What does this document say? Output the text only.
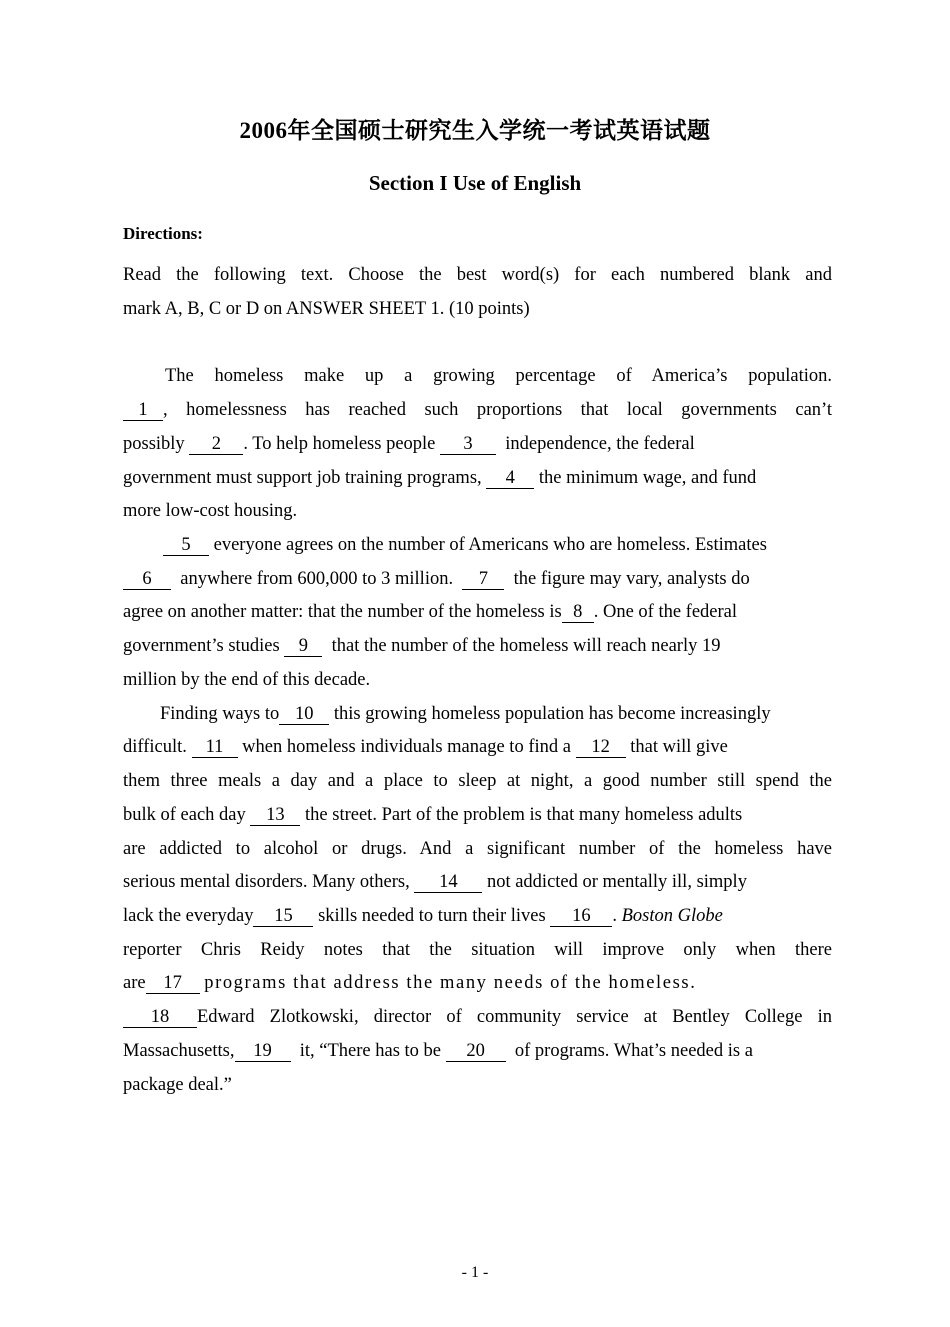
2006年全国硕士研究生入学统一考试英语试题
Section I Use of English
Directions:
Read the following text. Choose the best word(s) for each numbered blank and
mark A, B, C or D on ANSWER SHEET 1. (10 points)
The homeless make up a growing percentage of America’s population.
1 , homelessness has reached such proportions that local governments can’t
possibly 2 . To help homeless people 3 independence, the federal
government must support job training programs, 4 the minimum wage, and fund
more low-cost housing.
5 everyone agrees on the number of Americans who are homeless. Estimates
6 anywhere from 600,000 to 3 million. 7 the figure may vary, analysts do
agree on another matter: that the number of the homeless is 8 . One of the federal
government’s studies 9 that the number of the homeless will reach nearly 19
million by the end of this decade.
Finding ways to 10 this growing homeless population has become increasingly
difficult. 11 when homeless individuals manage to find a 12 that will give
them three meals a day and a place to sleep at night, a good number still spend the
bulk of each day 13 the street. Part of the problem is that many homeless adults
are addicted to alcohol or drugs. And a significant number of the homeless have
serious mental disorders. Many others, 14 not addicted or mentally ill, simply
lack the everyday 15 skills needed to turn their lives 16 . Boston Globe
reporter Chris Reidy notes that the situation will improve only when there
are 17 programs that address the many needs of the homeless.
18 Edward Zlotkowski, director of community service at Bentley College in
Massachusetts, 19 it, “There has to be 20 of programs. What’s needed is a
package deal.”
- 1 -
